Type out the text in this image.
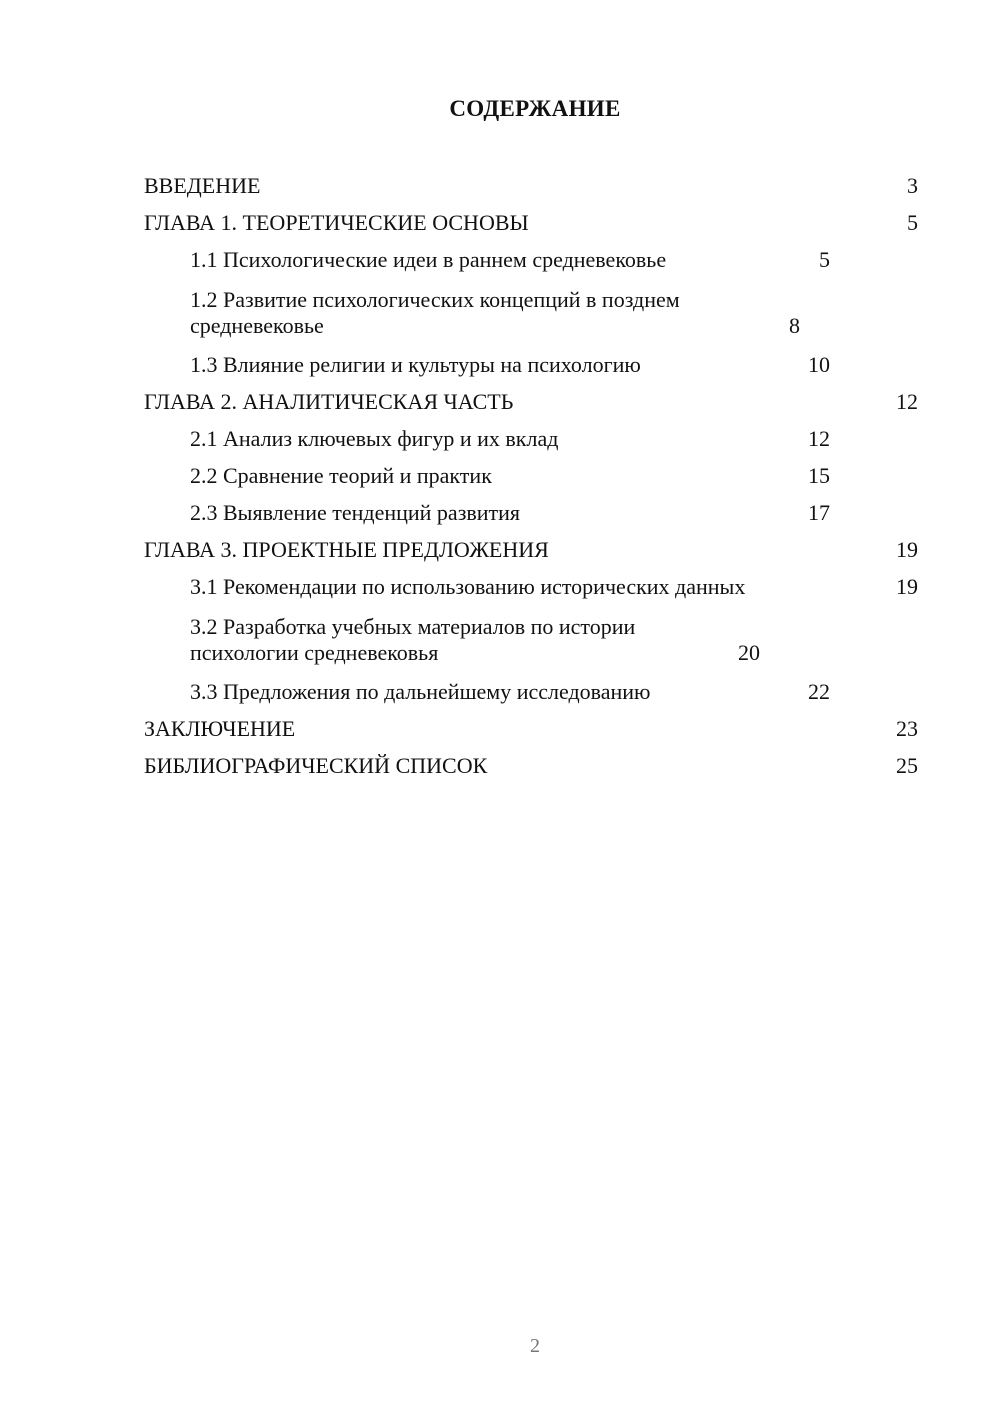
СОДЕРЖАНИЕ
ВВЕДЕНИЕ	3
ГЛАВА 1. ТЕОРЕТИЧЕСКИЕ ОСНОВЫ	5
1.1 Психологические идеи в раннем средневековье	5
1.2 Развитие психологических концепций в позднем средневековье	8
1.3 Влияние религии и культуры на психологию	10
ГЛАВА 2. АНАЛИТИЧЕСКАЯ ЧАСТЬ	12
2.1 Анализ ключевых фигур и их вклад	12
2.2 Сравнение теорий и практик	15
2.3 Выявление тенденций развития	17
ГЛАВА 3. ПРОЕКТНЫЕ ПРЕДЛОЖЕНИЯ	19
3.1 Рекомендации по использованию исторических данных	19
3.2 Разработка учебных материалов по истории психологии средневековья	20
3.3 Предложения по дальнейшему исследованию	22
ЗАКЛЮЧЕНИЕ	23
БИБЛИОГРАФИЧЕСКИЙ СПИСОК	25
2
